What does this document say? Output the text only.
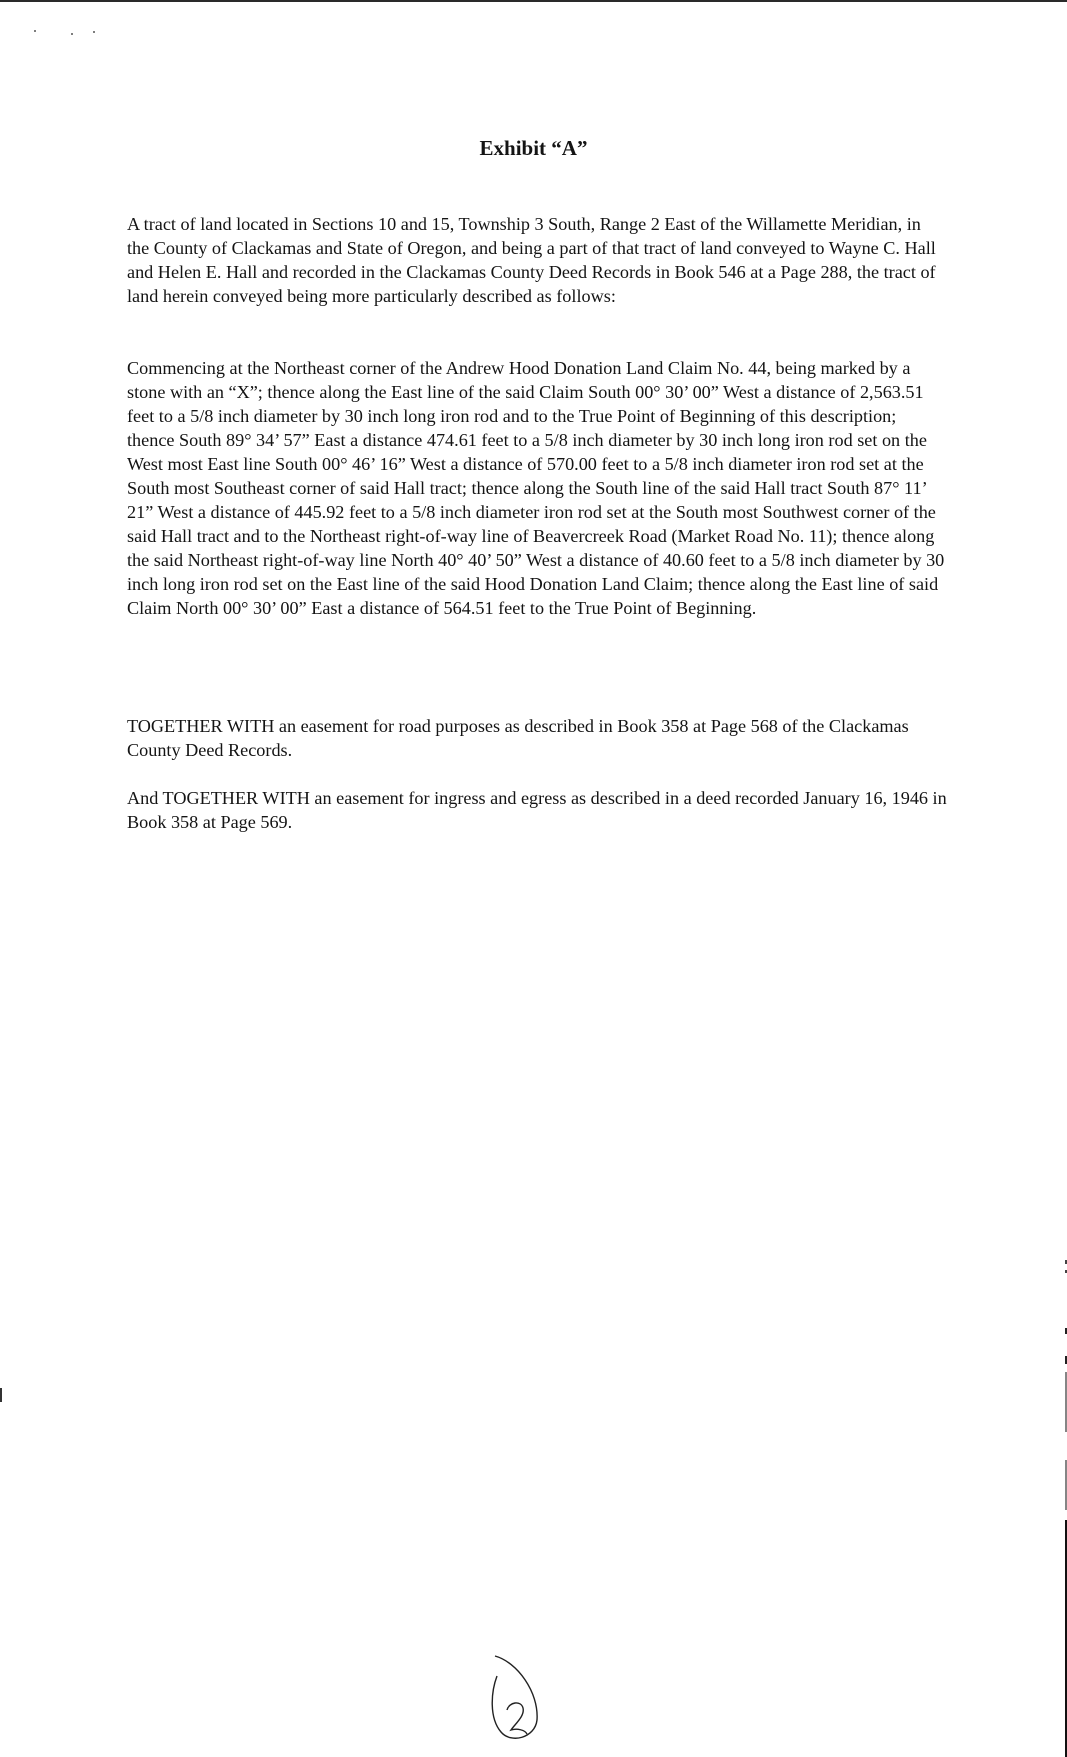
Exhibit “A”

A tract of land located in Sections 10 and 15, Township 3 South, Range 2 East of the Willamette Meridian, in the County of Clackamas and State of Oregon, and being a part of that tract of land conveyed to Wayne C. Hall and Helen E. Hall and recorded in the Clackamas County Deed Records in Book 546 at a Page 288, the tract of land herein conveyed being more particularly described as follows:

Commencing at the Northeast corner of the Andrew Hood Donation Land Claim No. 44, being marked by a stone with an “X”; thence along the East line of the said Claim South 00° 30’ 00” West a distance of 2,563.51 feet to a 5/8 inch diameter by 30 inch long iron rod and to the True Point of Beginning of this description; thence South 89° 34’ 57” East a distance 474.61 feet to a 5/8 inch diameter by 30 inch long iron rod set on the West most East line South 00° 46’ 16” West a distance of 570.00 feet to a 5/8 inch diameter iron rod set at the South most Southeast corner of said Hall tract; thence along the South line of the said Hall tract South 87° 11’ 21” West a distance of 445.92 feet to a 5/8 inch diameter iron rod set at the South most Southwest corner of the said Hall tract and to the Northeast right-of-way line of Beavercreek Road (Market Road No. 11); thence along the said Northeast right-of-way line North 40° 40’ 50” West a distance of 40.60 feet to a 5/8 inch diameter by 30 inch long iron rod set on the East line of the said Hood Donation Land Claim; thence along the East line of said Claim North 00° 30’ 00” East a distance of 564.51 feet to the True Point of Beginning.

TOGETHER WITH an easement for road purposes as described in Book 358 at Page 568 of the Clackamas County Deed Records.

And TOGETHER WITH an easement for ingress and egress as described in a deed recorded January 16, 1946 in Book 358 at Page 569.
